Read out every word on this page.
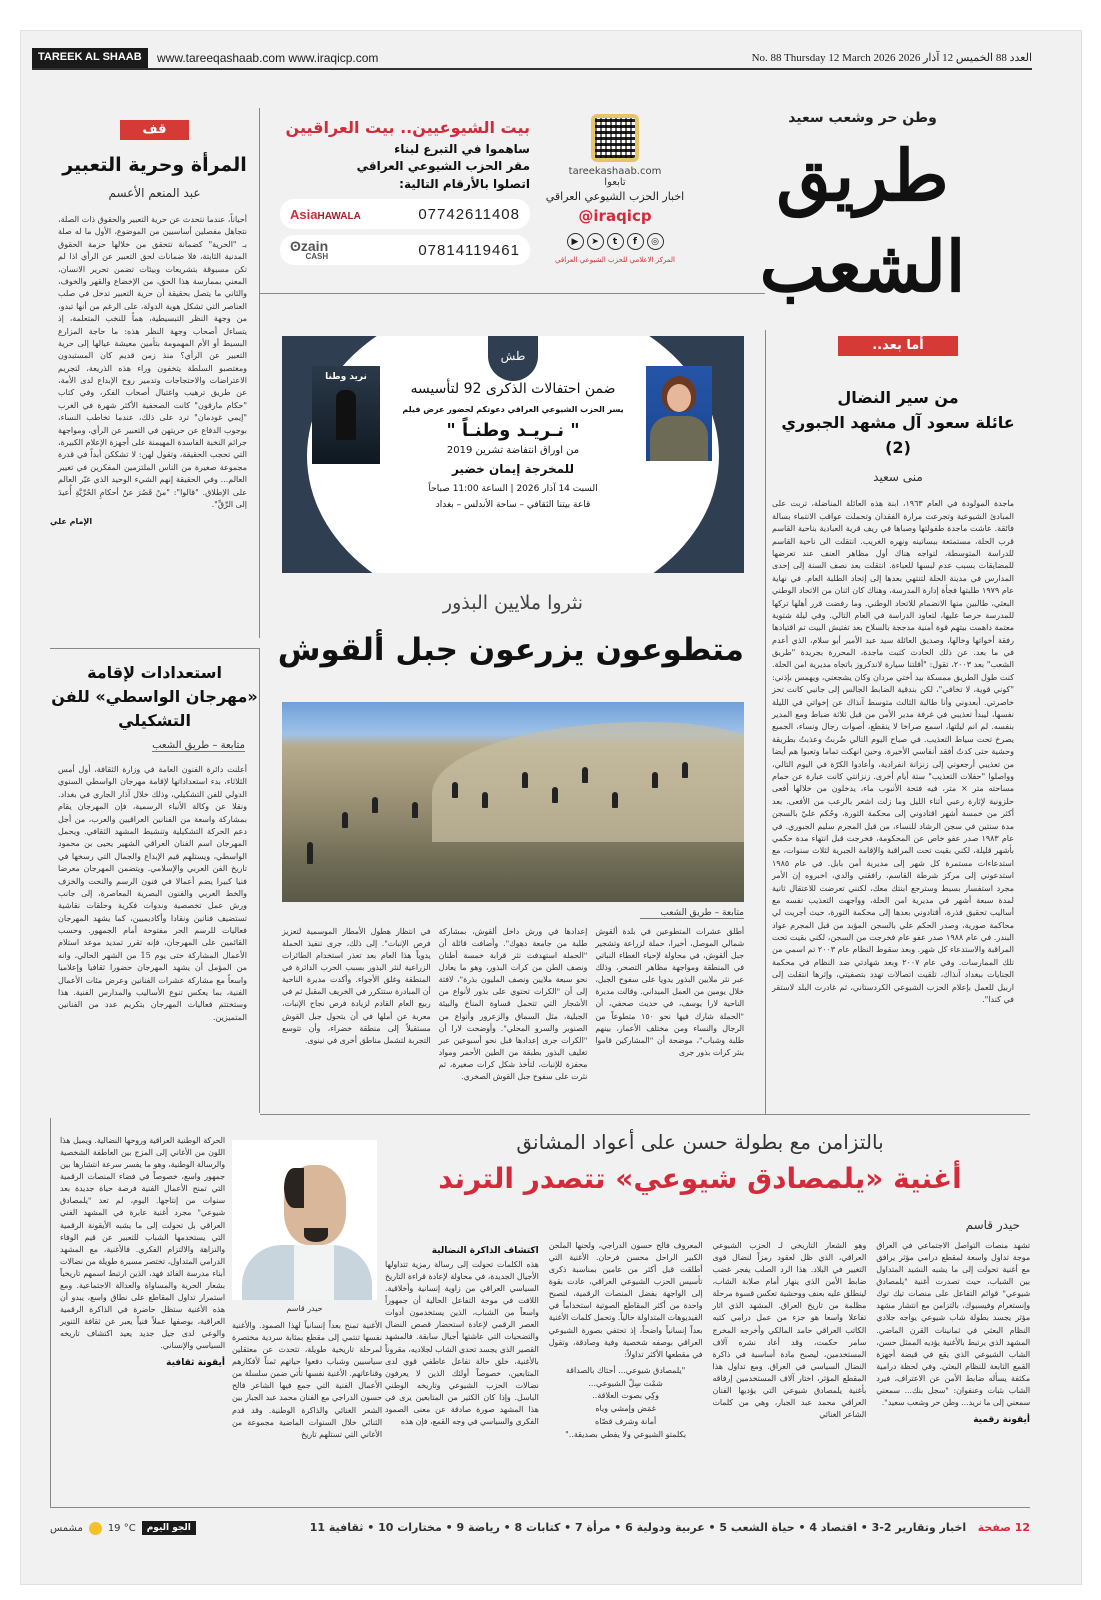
TAREEK AL SHAAB	www.tareeqashaab.com www.iraqicp.com	No. 88 Thursday 12 March 2026 العدد 88 الخميس 12 آذار 2026
وطن حر وشعب سعيد
طريق الشعب
tareekashaab.com
تابعوا
اخبار الحزب الشيوعي العراقي
@iraqicp
▶	➤	t	f	◎
المركز الاعلامي للحزب الشيوعي العراقي
بيت الشيوعيين.. بيت العراقيين

ساهموا في التبرع لبناء
مقر الحزب الشيوعي العراقي
اتصلوا بالأرقام التالية:

AsiaHAWALA	07742611408
ʘzain
CASH	07814119461
قف
المرأة وحرية التعبير
عبد المنعم الأعسم
أحياناً، عندما نتحدث عن حرية التعبير والحقوق ذات الصلة، نتجاهل مفصلين أساسيين من الموضوع، الأول ما له صلة بـ "الحرية" كضمانة تتحقق من خلالها حزمة الحقوق المدنية الثابتة، فلا ضمانات لحق التعبير عن الرأي اذا لم تكن مسبوقة بتشريعات وبيئات تضمن تحرير الانسان، المعني بممارسة هذا الحق، من الإخضاع والقهر والخوف، والثاني ما يتصل بحقيقة أن حرية التعبير تدخل في صلب العناصر التي تشكل هوية الدولة، على الرغم من أنها تبدو، من وجهة النظر التبسيطية، هماً للنخب المتعلمة، إذ يتساءل أصحاب وجهة النظر هذه: ما حاجة المزارع البسيط أو الأم المهمومة بتأمين معيشة عيالها إلى حرية التعبير عن الرأي؟ منذ زمن قديم كان المستبدون ومغتصبو السلطة يتخفون وراء هذه الذريعة، لتجريم الاعتراضات والاحتجاجات وتدمير روح الإبداع لدى الأمة، عن طريق ترهيب واغتيال أصحاب الفكر، وفي كتاب "حكام مارقون" كانت الصحفية الأكثر شهرة في الغرب "إيمي غودمان" ترد على ذلك، عندما تخاطب النساء، بوجوب الدفاع عن حريتهن في التعبير عن الرأي، ومواجهة جرائم النخبة الفاسدة المهيمنة على أجهزة الإعلام الكبيرة، التي تحجب الحقيقة، وتقول لهن: لا تشككن أبداً في قدرة مجموعة صغيرة من الناس الملتزمين المفكرين في تغيير العالم... وفي الحقيقة إنهم الشيء الوحيد الذي غيّر العالم على الإطلاق. "قالوا": "منْ قَصُرَ عنْ أحكامِ الحُرِّيَّةِ أُعيدَ إلى الرِّقِّ".
الإمام علي
استعدادات لإقامة «مهرجان الواسطي» للفن التشكيلي
متابعة – طريق الشعب
أعلنت دائرة الفنون العامة في وزارة الثقافة، أول أمس الثلاثاء، بدء استعداداتها لإقامة مهرجان الواسطي السنوي الدولي للفن التشكيلي، وذلك خلال آذار الجاري في بغداد. ونقلا عن وكالة الأنباء الرسمية، فإن المهرجان يقام بمشاركة واسعة من الفنانين العراقيين والعرب، من أجل دعم الحركة التشكيلية وتنشيط المشهد الثقافي. ويحمل المهرجان اسم الفنان العراقي الشهير يحيى بن محمود الواسطي، ويستلهم قيم الإبداع والجمال التي رسخها في تاريخ الفن العربي والإسلامي. ويتضمن المهرجان معرضا فنيا كبيرا يضم أعمالا في فنون الرسم والنحت والخزف والخط العربي والفنون البصرية المعاصرة، إلى جانب ورش عمل تخصصية وندوات فكرية وحلقات نقاشية تستضيف فنانين ونقادا وأكاديميين، كما يشهد المهرجان فعاليات للرسم الحر مفتوحة أمام الجمهور. وحسب القائمين على المهرجان، فإنه تقرر تمديد موعد استلام الأعمال المشاركة حتى يوم 15 من الشهر الحالي، وانه من المؤمل أن يشهد المهرجان حضورا ثقافيا وإعلاميا واسعاً مع مشاركة عشرات الفنانين وعرض مئات الأعمال الفنية، بما يعكس تنوع الأساليب والمدارس الفنية. هذا وستختتم فعاليات المهرجان بتكريم عدد من الفنانين المتميزين.
طش
نريد وطنا
ضمن احتفالات الذكرى 92 لتأسيسه
يسر الحزب الشيوعي العراقي دعوتكم لحضور عرض فيلم
" نـريـد وطنـاً "
من اوراق انتفاضة تشرين 2019
للمخرجة إيمان خضير
السبت 14 آذار 2026 | الساعة 11:00 صباحاً
قاعة بيتنا الثقافي – ساحة الأندلس – بغداد
نثروا ملايين البذور
متطوعون يزرعون جبل ألقوش
متابعة – طريق الشعب
أطلق عشرات المتطوعين في بلدة ألقوش شمالي الموصل، أخيرا، حملة لزراعة وتشجير جبل ألقوش، في محاولة لإحياء الغطاء النباتي في المنطقة ومواجهة مظاهر التصحر، وذلك عبر نثر ملايين البذور يدويا على سفوح الجبل، خلال يومين من العمل الميداني. وقالت مديرة الناحية لارا يوسف، في حديث صحفي، أن "الحملة شارك فيها نحو ١٥٠ متطوعاً من الرجال والنساء ومن مختلف الأعمار، بينهم طلبة وشباب"، موضحة أن "المشاركين قاموا بنثر كرات بذور جرى
إعدادها في ورش داخل ألقوش، بمشاركة طلبة من جامعة دهوك". وأضافت قائلة أن "الحملة استهدفت نثر قرابة خمسة أطنان ونصف الطن من كرات البذور، وهو ما يعادل نحو سبعة ملايين ونصف المليون بذرة"، لافتة إلى أن "الكرات تحتوي على بذور لأنواع من الأشجار التي تتحمل قساوة المناخ والبيئة الجبلية، مثل السماق والزعرور وأنواع من الصنوبر والسرو المحلي". وأوضحت لارا أن "الكرات جرى إعدادها قبل نحو أسبوعين عبر تغليف البذور بطبقة من الطين الأحمر ومواد محفزة للإنبات، لتأخذ شكل كرات صغيرة، ثم نثرت على سفوح جبل القوش الصخري.
في انتظار هطول الأمطار الموسمية لتعزيز فرص الإنبات". إلى ذلك، جرى تنفيذ الحملة يدوياً هذا العام بعد تعذر استخدام الطائرات الزراعية لنثر البذور بسبب الحرب الدائرة في المنطقة وغلق الأجواء. وأكدت مديرة الناحية أن المبادرة ستتكرر في الخريف المقبل ثم في ربيع العام القادم لزيادة فرص نجاح الإنبات، معربة عن أملها في أن يتحول جبل القوش مستقبلاً إلى منطقة خضراء، وأن تتوسع التجربة لتشمل مناطق أخرى في نينوى.
أما بعد..
من سير النضال
عائلة سعود آل مشهد الجبوري (2)
منى سعيد
ماجدة المولودة في العام ١٩٦٣، ابنة هذه العائلة المناضلة، تربت على المبادئ الشيوعية وتجرعت مرارة الفقدان وتحملت عواقب الانتماء بسالة فائقة. عاشت ماجدة طفولتها وصباها في ريف قرية العبادية بناحية القاسم قرب الحلة، مستمتعة ببساتينه ونهره الغريب. انتقلت الى ناحية القاسم للدراسة المتوسطة، لتواجه هناك أول مظاهر العنف عند تعرضها للمضايقات بسبب عدم لبسها للعباءة. انتقلت بعد نصف السنة إلى إحدى المدارس في مدينة الحلة لتنتهي بعدها إلى إتحاد الطلبة العام. في نهاية عام ١٩٧٩ طلبتها فجأة إدارة المدرسة، وهناك كان اثنان من الاتحاد الوطني البعثي، طالبين منها الانضمام للاتحاد الوطني. وما رفضت قرر أهلها تركها للمدرسة حرصا عليها، لتعاود الدراسة في العام التالي. وفي ليلة شتوية معتمة داهمت بيتهم قوة أمنية مدججة بالسلاح بعد تفتيش البيت تم اقتيادها رفقة أخواتها وخالها، وصديق العائلة سيد عبد الأمير أبو سلام، الذي أعدم في ما بعد. عن ذلك الحادث كتبت ماجدة، المحررة بجريدة "طريق الشعب" بعد ٢٠٠٣، تقول: "أقلتنا سيارة لاندكروز باتجاه مديرية امن الحلة. كنت طول الطريق ممسكة بيد أختي مردان وكان يشجعني، ويهمس بإذني: "كوني قوية، لا تخافي"، لكن بندقية الضابط الجالس إلى جانبي كانت تحز خاصرتي. أبعدوني وأنا طالبة الثالث متوسط آنذاك عن إخواتي في الليلة نفسها، ليبدأ تعذيبي في غرفة مدير الأمن من قبل ثلاثة ضباط ومع المدير بنفسه. لم انم ليلتها، اسمع صراخا لا ينقطع، أصوات رجال ونساء، الجميع يصرخ تحت سياط التعذيب. في صباح اليوم التالي ضُربتُ وعذبتُ بطريقة وحشية حتى كدتُ أفقد أنفاسي الأخيرة. وحين انهكت تماما وتعبوا هم أيضا من تعذيبي أرجعوني إلى زنزانة انفرادية، وأعادوا الكرّة في اليوم التالي، وواصلوا "حفلات التعذيب" ستة أيام أخرى. زنزانتي كانت عبارة عن حمام مساحته متر × متر، فيه فتحة الأنبوب ماء، يدخلون من خلالها أفعى حلزونية لإثارة رعبي أثناء الليل وما زلت اشعر بالرعب من الأفعى. بعد أكثر من خمسة أشهر اقتادوني إلى محكمة الثورة، وحُكم عليّ بالسجن مدة سنتين في سجن الرشاد للنساء، من قبل المجرم سليم الجبوري. في عام ١٩٨٣ صدر عفو خاص عن المحكومة، فخرجت قبل انتهاء مدة حكمي بأشهر قليلة، لكني بقيت تحت المراقبة والإقامة الجبرية لثلاث سنوات، مع استدعاءات مستمرة كل شهر إلى مديرية أمن بابل. في عام ١٩٨٥ استدعوني إلى مركز شرطة القاسم، رافقني والدي، اخبروه إن الأمر مجرد استفسار بسيط وسترجع ابنتك معك، لكنني تعرضت للاعتقال ثانية لمدة سبعة أشهر في مديرية امن الحلة، وواجهت التعذيب نفسه مع أساليب تحقيق قذرة، أقتادوني بعدها إلى محكمة الثورة، حيث أجريت لي محاكمة صورية، وصدر الحكم علي بالسجن المؤبد من قبل المجرم عواد البندر. في عام ١٩٨٨ صدر عفو عام فخرجت من السجن، لكني بقيت تحت المراقبة والاستدعاء كل شهر. وبعد سقوط النظام عام ٢٠٠٣ تم اسمي من تلك الممارسات. وفي عام ٢٠٠٧ وبعد شهادتي ضد النظام في محكمة الجنايات ببغداد آنذاك، تلقيت اتصالات تهدد بتصفيتي، وإثرها انتقلت إلى اربيل للعمل بإعلام الحزب الشيوعي الكردستاني، ثم غادرت البلد لاستقر في كندا".
بالتزامن مع بطولة حسن على أعواد المشانق
أغنية «يلمصادق شيوعي» تتصدر الترند
حيدر قاسم
تشهد منصات التواصل الاجتماعي في العراق موجة تداول واسعة لمقطع درامي مؤثر يرافق مع أغنية تحولت إلى ما يشبه النشيد المتداول بين الشباب، حيث تصدرت أغنية "يلمصادق شيوعي" قوائم التفاعل على منصات تيك توك وإنستغرام وفيسبوك، بالتزامن مع انتشار مشهد مؤثر يجسد بطولة شاب شيوعي يواجه جلادي النظام البعثي في ثمانينات القرن الماضي. المشهد الذي يرتبط بالأغنية يؤديه الممثل حسن، الشاب الشيوعي الذي يقع في قبضة أجهزة القمع التابعة للنظام البعثي. وفي لحظة درامية مكثفة يسأله ضابط الأمن عن الاعتراف، فيرد الشاب بثبات وعنفوان: "سجل بنك... سمعني سمعني إلى ما نريد... وطن حر وشعب سعيد".
أيقونة رقمية
وهو الشعار التاريخي لـ الحزب الشيوعي العراقي، الذي ظل لعقود رمزاً لنضال قوى التغيير في البلاد. هذا الرد الصلب يفجر غضب ضابط الأمن الذي ينهار أمام صلابة الشاب، لينطلق عليه بعنف ووحشية تعكس قسوة مرحلة مظلمة من تاريخ العراق. المشهد الذي اثار تفاعلا واسعا هو جزء من عمل درامي كتبه الكاتب العراقي حامد المالكي وأخرجه المخرج سامر حكمت، وقد أعاد نشره آلاف المستخدمين، ليصبح مادة أساسية في ذاكرة النضال السياسي في العراق. ومع تداول هذا المقطع المؤثر، اختار آلاف المستخدمين إرفاقه بأغنية يلمصادق شيوعي التي يؤديها الفنان العراقي محمد عبد الجبار، وهي من كلمات الشاعر الغنائي
المعروف فالح حسون الدراجي، ولحنها الملحن الكبير الراحل محسن فرحان. الأغنية التي أطلقت قبل أكثر من عامين بمناسبة ذكرى تأسيس الحزب الشيوعي العراقي، عادت بقوة إلى الواجهة بفضل المنصات الرقمية، لتصبح واحدة من أكثر المقاطع الصوتية استخداماً في الفيديوهات المتداولة حالياً. وتحمل كلمات الأغنية بعداً إنسانياً واضحاً، إذ تحتفي بصورة الشيوعي العراقي بوصفه شخصية وفية وصادقة، وتقول في مقطعها الأكثر تداولاً:
"يلمصادق شيوعي... أحتاك بالصداقة
شمْت سِلّ الشيوعي...
وكِي بصوت العلاقة..
غمَض وإمشي وياه
أمانة وشرف قصّاه
بكلمتو الشيوعي ولا يفطي بصديقة.."
اكتشاف الذاكرة النضالية
هذه الكلمات تحولت إلى رسالة رمزية تتداولها الأجيال الجديدة، في محاولة لإعادة قراءة التاريخ السياسي العراقي من زاوية إنسانية وأخلاقية. اللافت في موجة التفاعل الحالية أن جمهوراً واسعاً من الشباب، الذين يستخدمون أدوات العصر الرقمي لإعادة استحضار قصص النضال والتضحيات التي عاشتها أجيال سابقة. فالمشهد القصير الذي يجسد تحدي الشاب لجلاديه، مقروناً بالأغنية، خلق حالة تفاعل عاطفي قوي لدى المتابعين، خصوصاً أولئك الذين لا يعرفون نضالات الحزب الشيوعي وتاريخه الوطني الباسل. وإذا كان الكثير من المتابعين يرى في هذا المشهد صورة صادقة عن معنى الصمود الفكري والسياسي في وجه القمع، فإن هذه
حيدر قاسم
الأغنية تمنح بعداً إنسانياً لهذا الصمود. والأغنية نفسها تنتمي إلى مقطع بمثابة سردية مختصرة لمرحلة تاريخية طويلة، تتحدث عن معتقلين سياسيين وشباب دفعوا حياتهم ثمناً لأفكارهم وقناعاتهم. الأغنية نفسها تأتي ضمن سلسلة من الأعمال الفنية التي جمع فيها الشاعر فالح حسون الدراجي مع الفنان محمد عبد الجبار بين الشعر الغنائي والذاكرة الوطنية. وقد قدم الثنائي خلال السنوات الماضية مجموعة من الأغاني التي تستلهم تاريخ
الحركة الوطنية العراقية وروحها النضالية. ويميل هذا اللون من الأغاني إلى المزج بين العاطفة الشخصية والرسالة الوطنية، وهو ما يفسر سرعة انتشارها بين جمهور واسع، خصوصاً في فضاء المنصات الرقمية التي تمنح الأعمال الفنية فرصة حياة جديدة بعد سنوات من إنتاجها. اليوم، لم تعد "يلمصادق شيوعي" مجرد أغنية عابرة في المشهد الفني العراقي بل تحولت إلى ما يشبه الأيقونة الرقمية التي يستخدمها الشباب للتعبير عن قيم الوفاء والنزاهة والالتزام الفكري. فالأغنية، مع المشهد الدرامي المتداول، تختصر مسيرة طويلة من نضالات أبناء مدرسة الفائد فهد، الذين ارتبط اسمهم تاريخياً بشعار الحرية والمساواة والعدالة الاجتماعية. ومع استمرار تداول المقاطع على نطاق واسع، يبدو أن هذه الأغنية ستظل حاضرة في الذاكرة الرقمية العراقية، بوصفها عملاً فنياً يعبر عن ثقافة التنوير والوعي لدى جيل جديد يعيد اكتشاف تاريخه السياسي والإنساني.
أيقونة ثقافية
12 صفحة   اخبار وتقارير 2-3 • اقتصاد 4 • حياة الشعب 5 • عربية ودولية 6 • مرأة 7 • كتابات 8 • رياضة 9 • مختارات 10 • ثقافية 11
مشمس	19 °C	الجو اليوم
